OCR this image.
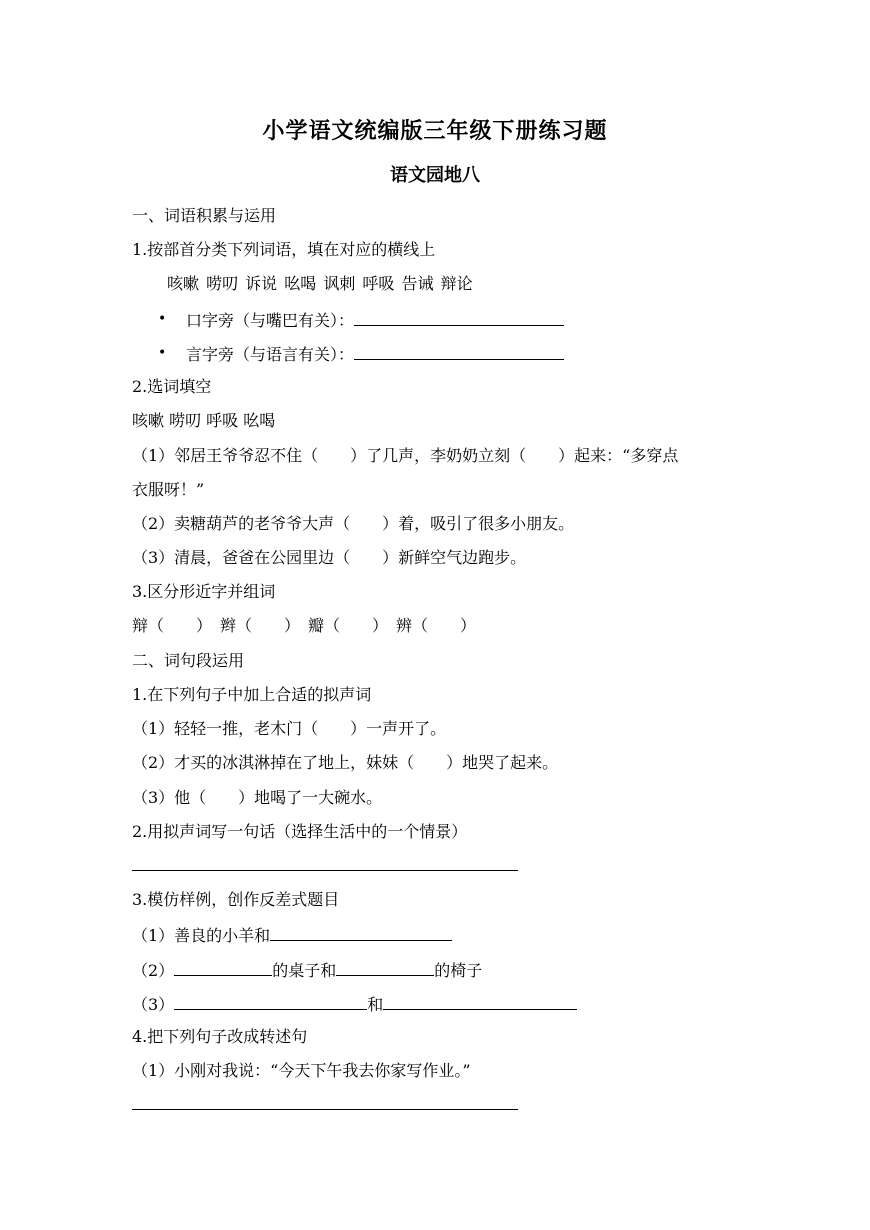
小学语文统编版三年级下册练习题
语文园地八
一、词语积累与运用
1.按部首分类下列词语，填在对应的横线上
咳嗽 唠叨 诉说 吆喝 讽刺 呼吸 告诫 辩论
• 口字旁（与嘴巴有关）：
• 言字旁（与语言有关）：
2.选词填空
咳嗽 唠叨 呼吸 吆喝
（1）邻居王爷爷忍不住（　　）了几声，李奶奶立刻（　　）起来：“多穿点
衣服呀！”
（2）卖糖葫芦的老爷爷大声（　　）着，吸引了很多小朋友。
（3）清晨，爸爸在公园里边（　　）新鲜空气边跑步。
3.区分形近字并组词
辩（　　）　辫（　　）　瓣（　　）　辨（　　）
二、词句段运用
1.在下列句子中加上合适的拟声词
（1）轻轻一推，老木门（　　）一声开了。
（2）才买的冰淇淋掉在了地上，妹妹（　　）地哭了起来。
（3）他（　　）地喝了一大碗水。
2.用拟声词写一句话（选择生活中的一个情景）
3.模仿样例，创作反差式题目
（1）善良的小羊和
（2）	的桌子和	的椅子
（3）	和
4.把下列句子改成转述句
（1）小刚对我说：“今天下午我去你家写作业。”
